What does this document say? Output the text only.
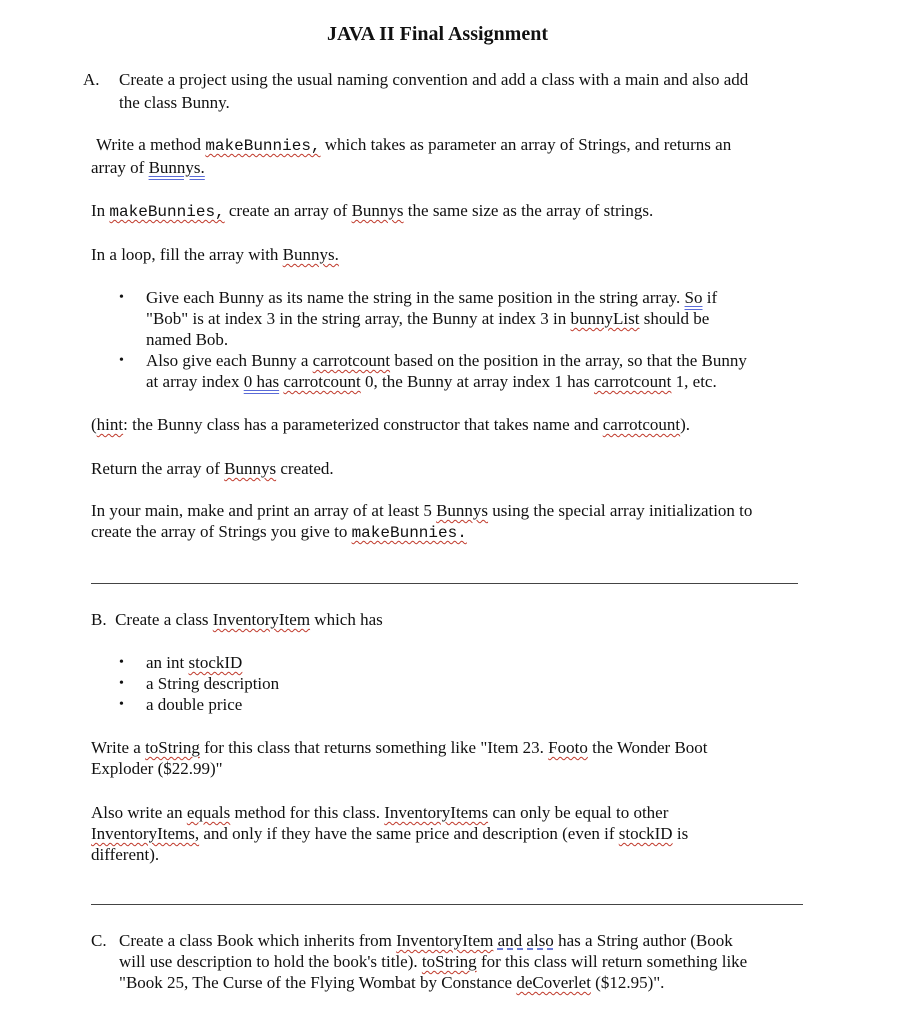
JAVA II Final Assignment
A. Create a project using the usual naming convention and add a class with a main and also add
the class Bunny.
Write a method makeBunnies, which takes as parameter an array of Strings, and returns an
array of Bunnys.
In makeBunnies, create an array of Bunnys the same size as the array of strings.
In a loop, fill the array with Bunnys.
• Give each Bunny as its name the string in the same position in the string array. So if
"Bob" is at index 3 in the string array, the Bunny at index 3 in bunnyList should be
named Bob.
• Also give each Bunny a carrotcount based on the position in the array, so that the Bunny
at array index 0 has carrotcount 0, the Bunny at array index 1 has carrotcount 1, etc.
(hint: the Bunny class has a parameterized constructor that takes name and carrotcount).
Return the array of Bunnys created.
In your main, make and print an array of at least 5 Bunnys using the special array initialization to
create the array of Strings you give to makeBunnies.
B. Create a class InventoryItem which has
• an int stockID
• a String description
• a double price
Write a toString for this class that returns something like "Item 23. Footo the Wonder Boot
Exploder ($22.99)"
Also write an equals method for this class. InventoryItems can only be equal to other
InventoryItems, and only if they have the same price and description (even if stockID is
different).
C. Create a class Book which inherits from InventoryItem and also has a String author (Book
will use description to hold the book's title). toString for this class will return something like
"Book 25, The Curse of the Flying Wombat by Constance deCoverlet ($12.95)".
